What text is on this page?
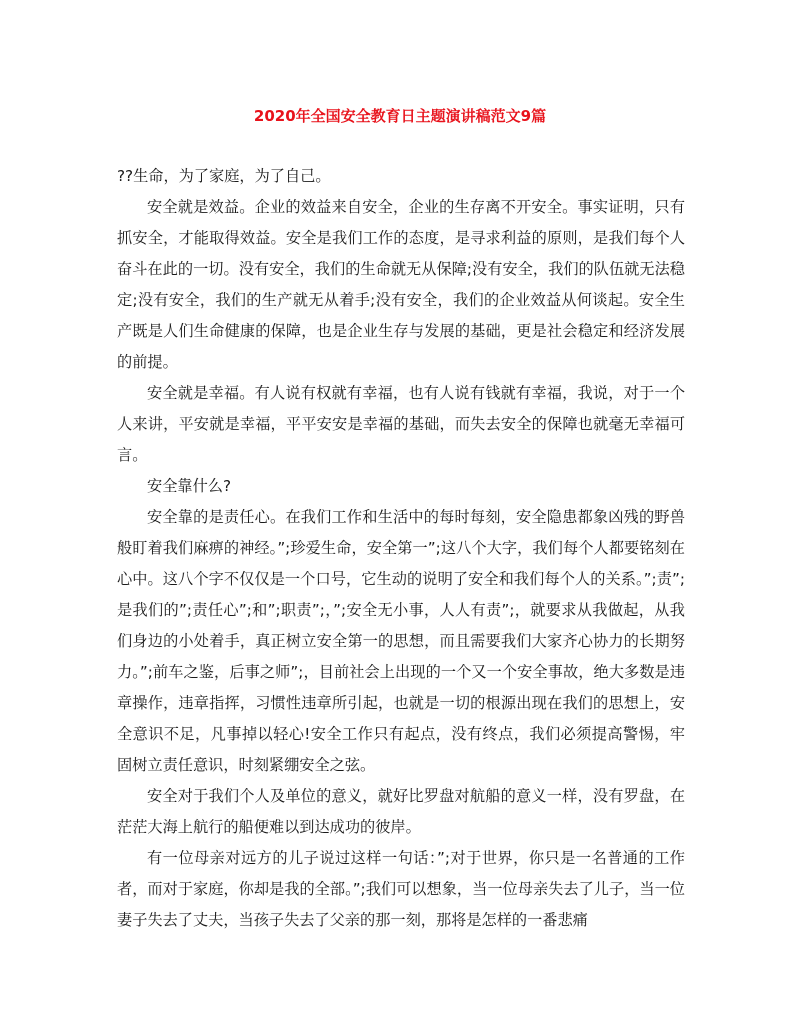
2020年全国安全教育日主题演讲稿范文9篇

??生命，为了家庭，为了自己。

安全就是效益。企业的效益来自安全，企业的生存离不开安全。事实证明，只有抓安全，才能取得效益。安全是我们工作的态度，是寻求利益的原则，是我们每个人奋斗在此的一切。没有安全，我们的生命就无从保障;没有安全，我们的队伍就无法稳定;没有安全，我们的生产就无从着手;没有安全，我们的企业效益从何谈起。安全生产既是人们生命健康的保障，也是企业生存与发展的基础，更是社会稳定和经济发展的前提。

安全就是幸福。有人说有权就有幸福，也有人说有钱就有幸福，我说，对于一个人来讲，平安就是幸福，平平安安是幸福的基础，而失去安全的保障也就毫无幸福可言。

安全靠什么?

安全靠的是责任心。在我们工作和生活中的每时每刻，安全隐患都象凶残的野兽般盯着我们麻痹的神经。”;珍爱生命，安全第一”;这八个大字，我们每个人都要铭刻在心中。这八个字不仅仅是一个口号，它生动的说明了安全和我们每个人的关系。”;责”;是我们的”;责任心”;和”;职责”;，”;安全无小事，人人有责”;，就要求从我做起，从我们身边的小处着手，真正树立安全第一的思想，而且需要我们大家齐心协力的长期努力。”;前车之鉴，后事之师”;，目前社会上出现的一个又一个安全事故，绝大多数是违章操作，违章指挥，习惯性违章所引起，也就是一切的根源出现在我们的思想上，安全意识不足，凡事掉以轻心!安全工作只有起点，没有终点，我们必须提高警惕，牢固树立责任意识，时刻紧绷安全之弦。

安全对于我们个人及单位的意义，就好比罗盘对航船的意义一样，没有罗盘，在茫茫大海上航行的船便难以到达成功的彼岸。

有一位母亲对远方的儿子说过这样一句话：”;对于世界，你只是一名普通的工作者，而对于家庭，你却是我的全部。”;我们可以想象，当一位母亲失去了儿子，当一位妻子失去了丈夫，当孩子失去了父亲的那一刻，那将是怎样的一番悲痛
